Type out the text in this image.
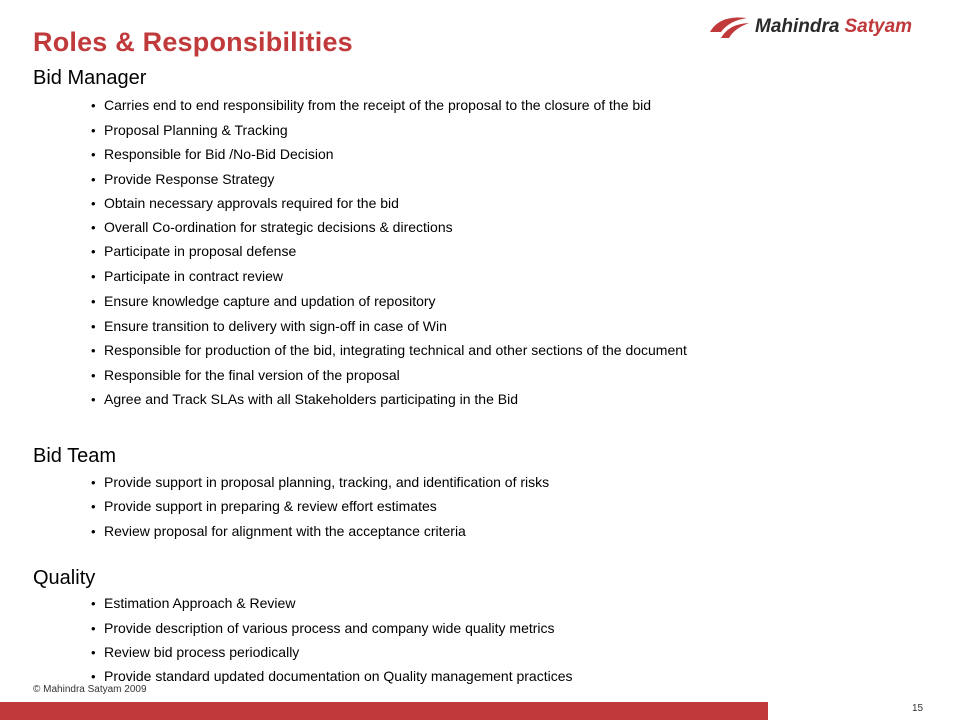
Roles & Responsibilities
Mahindra Satyam
Bid Manager
• Carries end to end responsibility from the receipt of the proposal to the closure of the bid
• Proposal Planning & Tracking
• Responsible for Bid /No-Bid Decision
• Provide Response Strategy
• Obtain necessary approvals required for the bid
• Overall Co-ordination for strategic decisions & directions
• Participate in proposal defense
• Participate in contract review
• Ensure knowledge capture and updation of repository
• Ensure transition to delivery with sign-off in case of Win
• Responsible for production of the bid, integrating technical and other sections of the document
• Responsible for the final version of the proposal
• Agree and Track SLAs with all Stakeholders participating in the Bid
Bid Team
• Provide support in proposal planning, tracking, and identification of risks
• Provide support in preparing & review effort estimates
• Review proposal for alignment with the acceptance criteria
Quality
• Estimation Approach & Review
• Provide description of various process and company wide quality metrics
• Review bid process periodically
• Provide standard updated documentation on Quality management practices
© Mahindra Satyam 2009
15
